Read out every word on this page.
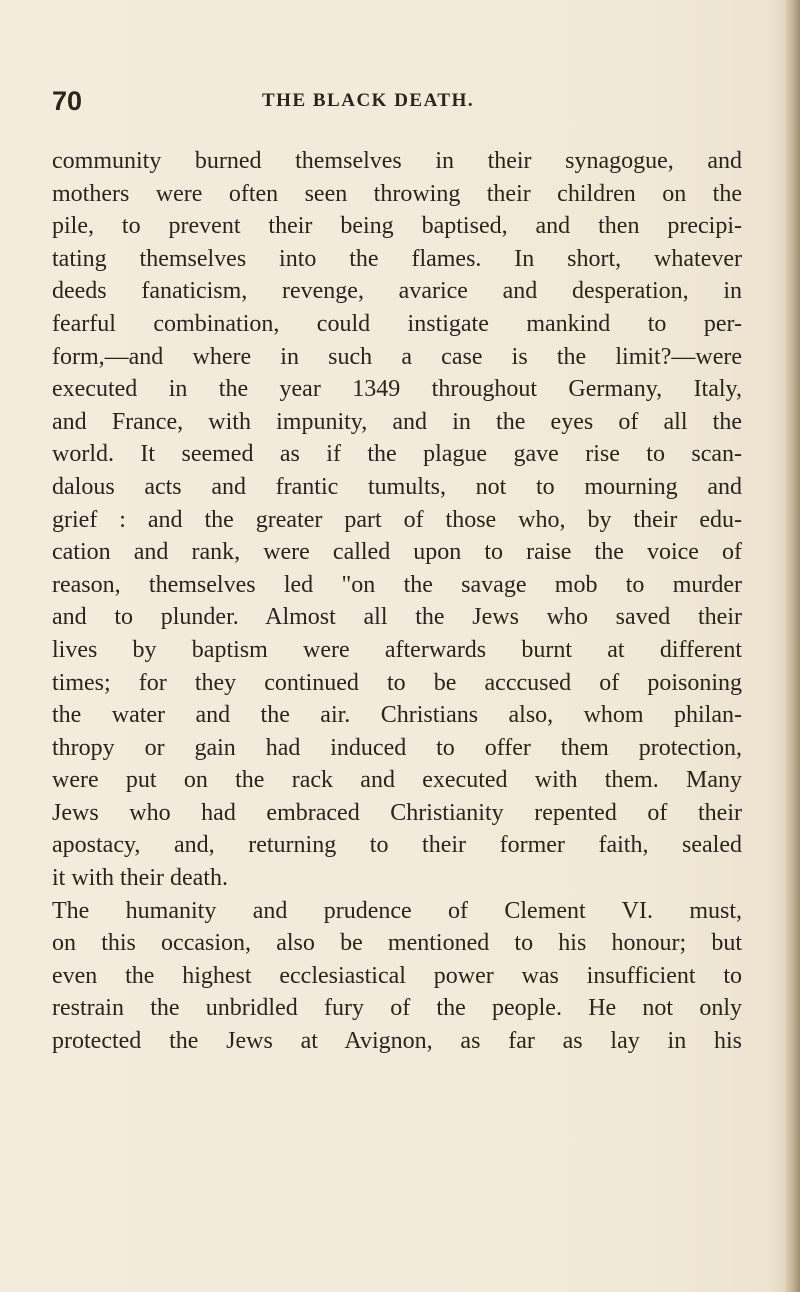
70	THE BLACK DEATH.
community burned themselves in their synagogue, and
mothers were often seen throwing their children on the
pile, to prevent their being baptised, and then precipi-
tating themselves into the flames. In short, whatever
deeds fanaticism, revenge, avarice and desperation, in
fearful combination, could instigate mankind to per-
form,—and where in such a case is the limit?—were
executed in the year 1349 throughout Germany, Italy,
and France, with impunity, and in the eyes of all the
world. It seemed as if the plague gave rise to scan-
dalous acts and frantic tumults, not to mourning and
grief : and the greater part of those who, by their edu-
cation and rank, were called upon to raise the voice of
reason, themselves led "on the savage mob to murder
and to plunder. Almost all the Jews who saved their
lives by baptism were afterwards burnt at different
times; for they continued to be acccused of poisoning
the water and the air. Christians also, whom philan-
thropy or gain had induced to offer them protection,
were put on the rack and executed with them. Many
Jews who had embraced Christianity repented of their
apostacy, and, returning to their former faith, sealed
it with their death.
The humanity and prudence of Clement VI. must,
on this occasion, also be mentioned to his honour; but
even the highest ecclesiastical power was insufficient to
restrain the unbridled fury of the people. He not only
protected the Jews at Avignon, as far as lay in his
